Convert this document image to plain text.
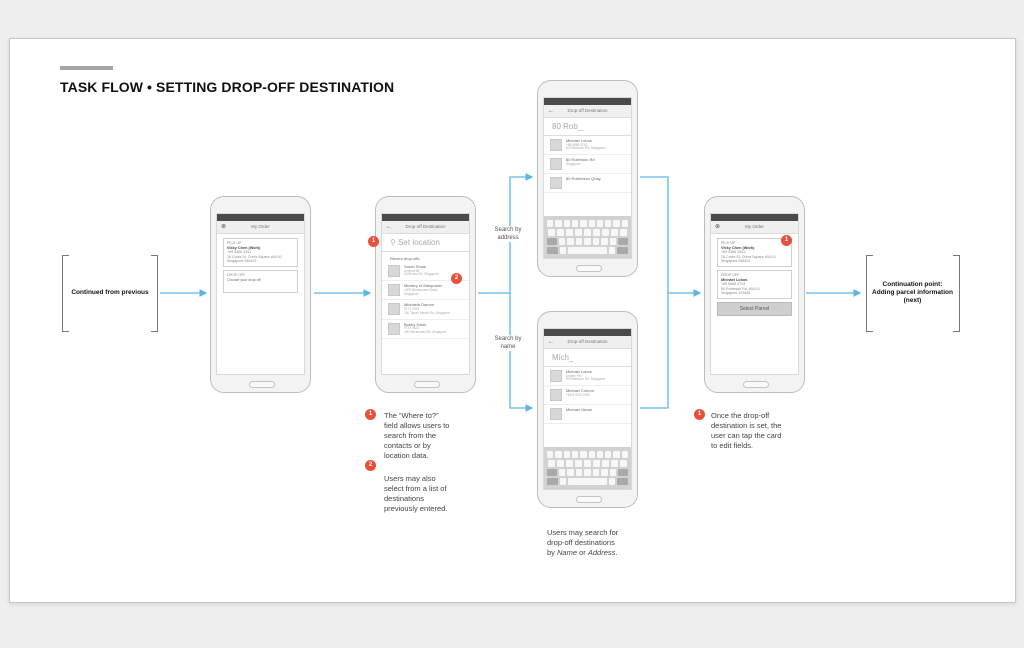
TASK FLOW • SETTING DROP-OFF DESTINATION
Continued from previous
Continuation point:
Adding parcel information
(next)
Search by
address
Search by
name
⊗	My Order
PICK UP
Vicky Chen (Work)
+65 9366 3341
16 Cross St, China Square #04-01
Singapore 048423
DROP OFF
Choose your drop off
←	Drop-off Destination
⚲ Set location
Recent drop-offs
Sarah Shum
Unilever55
16 Brown Rd, Singapore
Ministry of Manpower
1500 Bendemeer Road
Singapore
Michaela Damon
9771 4251
100 Tanah Merah Rd, Singapore
Bobby Kwok
9773 4623
190 Meranatan Rd, Singapore
1
2
←	Drop-off Destination
80 Rob_
Michael Lobos
+65 6688 4703
80 Robinson Rd, Singapore
80 Robinson Rd
Singapore
80 Robertson Quay
←	Drop-off Destination
Mich_
Michael Lobos
Uniteln Pte
80 Robinson Rd, Singapore
Michael Connor
+65 8 3379 2008
Michael Vance
⊗	My Order
PICK UP
Vicky Chen (Work)
+65 9366 3341
16 Cross St, China Square #04-01
Singapore 048423
DROP OFF
Michael Lobos
+65 6688 4703
80 Robinson Rd, #04-01
Singapore 123456
Select Parcel
1
1	The “Where to?”
field allows users to
search from the
contacts or by
location data.
2
Users may also
select from a list of
destinations
previously entered.
Users may search for
drop-off destinations
by Name or Address.
1	Once the drop-off
destination is set, the
user can tap the card
to edit fields.
